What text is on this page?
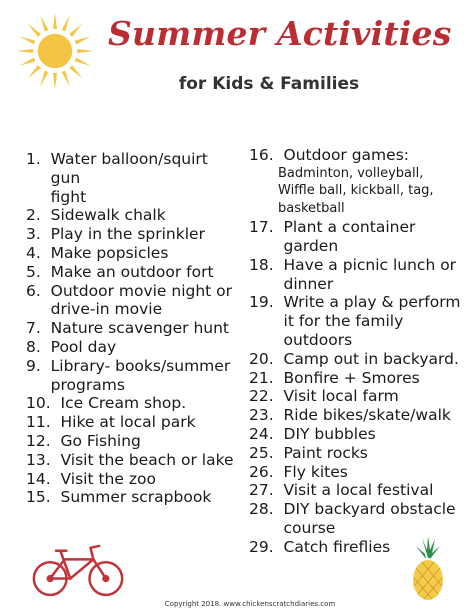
Summer Activities
for Kids & Families
1.
Water balloon/squirt gun
fight
2.
Sidewalk chalk
3.
Play in the sprinkler
4.
Make popsicles
5.
Make an outdoor fort
6.
Outdoor movie night or
drive-in movie
7.
Nature scavenger hunt
8.
Pool day
9.
Library- books/summer
programs
10.
Ice Cream shop.
11.
Hike at local park
12.
Go Fishing
13.
Visit the beach or lake
14.
Visit the zoo
15.
Summer scrapbook
16.
Outdoor games:
Badminton, volleyball,
Wiffle ball, kickball, tag,
basketball
17.
Plant a container
garden
18.
Have a picnic lunch or
dinner
19.
Write a play & perform
it for the family outdoors
20.
Camp out in backyard.
21.
Bonfire + Smores
22.
Visit local farm
23.
Ride bikes/skate/walk
24.
DIY bubbles
25.
Paint rocks
26.
Fly kites
27.
Visit a local festival
28.
DIY backyard obstacle
course
29.
Catch fireflies
Copyright 2018. www.chickenscratchdiaries.com
